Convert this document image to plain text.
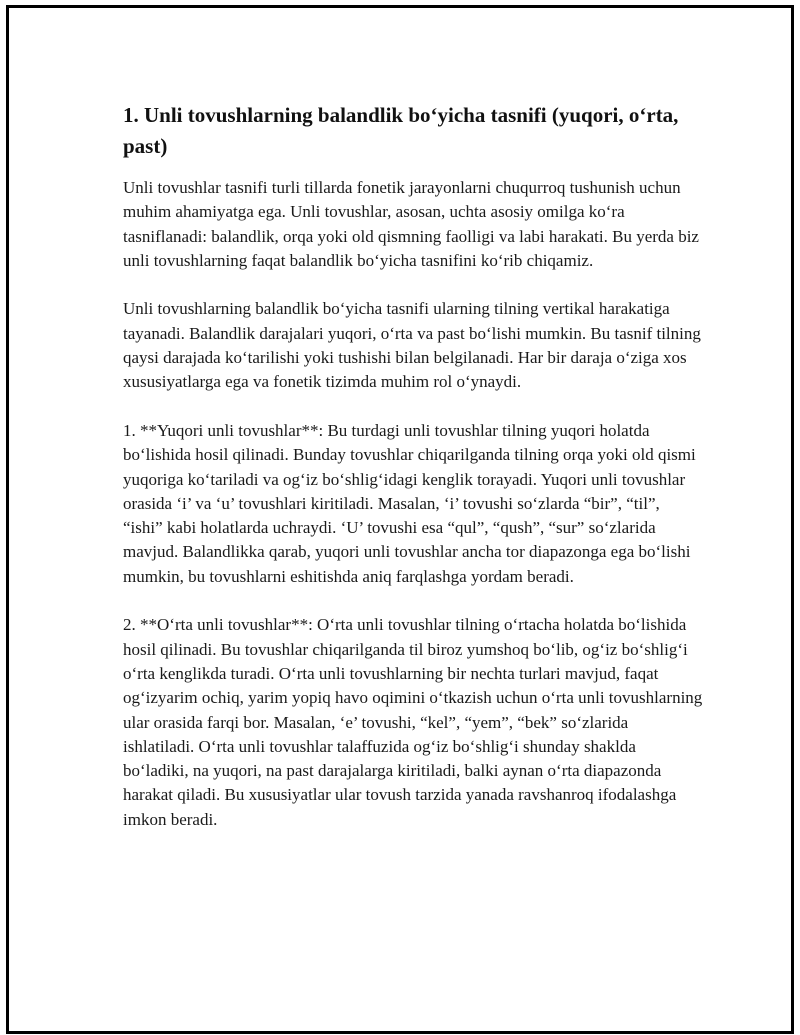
1. Unli tovushlarning balandlik bo‘yicha tasnifi (yuqori, o‘rta, past)

Unli tovushlar tasnifi turli tillarda fonetik jarayonlarni chuqurroq tushunish uchun muhim ahamiyatga ega. Unli tovushlar, asosan, uchta asosiy omilga ko‘ra tasniflanadi: balandlik, orqa yoki old qismning faolligi va labi harakati. Bu yerda biz unli tovushlarning faqat balandlik bo‘yicha tasnifini ko‘rib chiqamiz.

Unli tovushlarning balandlik bo‘yicha tasnifi ularning tilning vertikal harakatiga tayanadi. Balandlik darajalari yuqori, o‘rta va past bo‘lishi mumkin. Bu tasnif tilning qaysi darajada ko‘tarilishi yoki tushishi bilan belgilanadi. Har bir daraja o‘ziga xos xususiyatlarga ega va fonetik tizimda muhim rol o‘ynaydi.

1. **Yuqori unli tovushlar**: Bu turdagi unli tovushlar tilning yuqori holatda bo‘lishida hosil qilinadi. Bunday tovushlar chiqarilganda tilning orqa yoki old qismi yuqoriga ko‘tariladi va og‘iz bo‘shlig‘idagi kenglik torayadi. Yuqori unli tovushlar orasida ‘i’ va ‘u’ tovushlari kiritiladi. Masalan, ‘i’ tovushi so‘zlarda “bir”, “til”, “ishi” kabi holatlarda uchraydi. ‘U’ tovushi esa “qul”, “qush”, “sur” so‘zlarida mavjud. Balandlikka qarab, yuqori unli tovushlar ancha tor diapazonga ega bo‘lishi mumkin, bu tovushlarni eshitishda aniq farqlashga yordam beradi.

2. **O‘rta unli tovushlar**: O‘rta unli tovushlar tilning o‘rtacha holatda bo‘lishida hosil qilinadi. Bu tovushlar chiqarilganda til biroz yumshoq bo‘lib, og‘iz bo‘shlig‘i o‘rta kenglikda turadi. O‘rta unli tovushlarning bir nechta turlari mavjud, faqat og‘izyarim ochiq, yarim yopiq havo oqimini o‘tkazish uchun o‘rta unli tovushlarning ular orasida farqi bor. Masalan, ‘e’ tovushi, “kel”, “yem”, “bek” so‘zlarida ishlatiladi. O‘rta unli tovushlar talaffuzida og‘iz bo‘shlig‘i shunday shaklda bo‘ladiki, na yuqori, na past darajalarga kiritiladi, balki aynan o‘rta diapazonda harakat qiladi. Bu xususiyatlar ular tovush tarzida yanada ravshanroq ifodalashga imkon beradi.
